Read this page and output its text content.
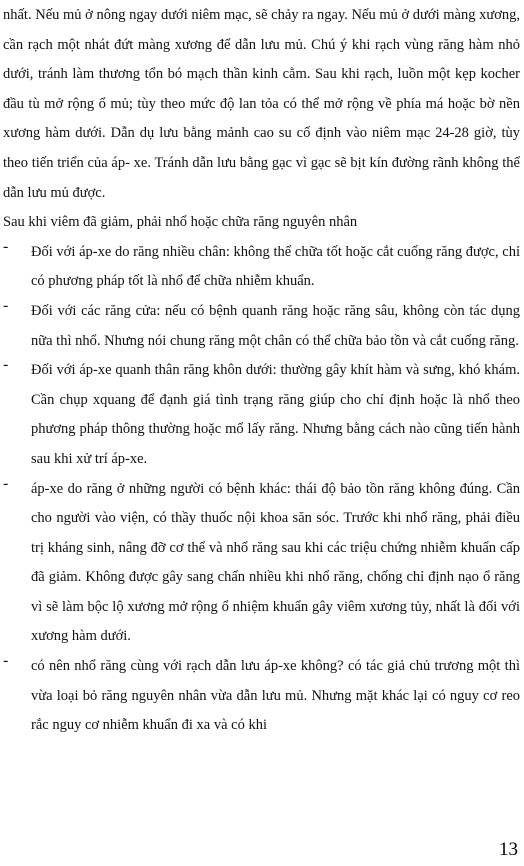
nhất. Nếu mủ ở nông ngay dưới niêm mạc, sẽ chảy ra ngay. Nếu mủ ở dưới màng xương, cần rạch một nhát đứt màng xương để dẫn lưu mủ. Chú ý khi rạch vùng răng hàm nhỏ dưới, tránh làm thương tổn bó mạch thần kinh cằm. Sau khi rạch, luồn một kẹp kocher đầu tù mở rộng ổ mủ; tùy theo mức độ lan tỏa có thể mở rộng về phía má hoặc bờ nền xương hàm dưới. Dẫn dụ lưu bằng mảnh cao su cố định vào niêm mạc 24-28 giờ, tùy theo tiến triển của áp- xe. Tránh dẫn lưu bằng gạc vì gạc sẽ bịt kín đường rãnh không thể dẫn lưu mủ được.

Sau khi viêm đã giảm, phải nhổ hoặc chữa răng nguyên nhân

- Đối với áp-xe do răng nhiều chân: không thể chữa tốt hoặc cắt cuống răng được, chỉ có phương pháp tốt là nhổ để chữa nhiễm khuẩn.
- Đối với các răng cửa: nếu có bệnh quanh răng hoặc răng sâu, không còn tác dụng nữa thì nhổ. Nhưng nói chung răng một chân có thể chữa bảo tồn và cắt cuống răng.
- Đối với áp-xe quanh thân răng khôn dưới: thường gây khít hàm và sưng, khó khám. Cần chụp xquang để đạnh giá tình trạng răng giúp cho chỉ định hoặc là nhổ theo phương pháp thông thường hoặc mổ lấy răng. Nhưng bằng cách nào cũng tiến hành sau khi xử trí áp-xe.
- áp-xe do răng ở những người có bệnh khác: thái độ bảo tồn răng không đúng. Cần cho người vào viện, có thầy thuốc nội khoa săn sóc. Trước khi nhổ răng, phải điều trị kháng sinh, nâng đỡ cơ thể và nhổ răng sau khi các triệu chứng nhiễm khuẩn cấp đã giảm. Không được gây sang chấn nhiều khi nhổ răng, chống chỉ định nạo ổ răng vì sẽ làm bộc lộ xương mở rộng ổ nhiệm khuẩn gây viêm xương tủy, nhất là đối với xương hàm dưới.
- có nên nhổ răng cùng với rạch dẫn lưu áp-xe không? có tác giả chủ trương một thì vừa loại bỏ răng nguyên nhân vừa dẫn lưu mủ. Nhưng mặt khác lại có nguy cơ reo rắc nguy cơ nhiễm khuẩn đi xa và có khi
13
